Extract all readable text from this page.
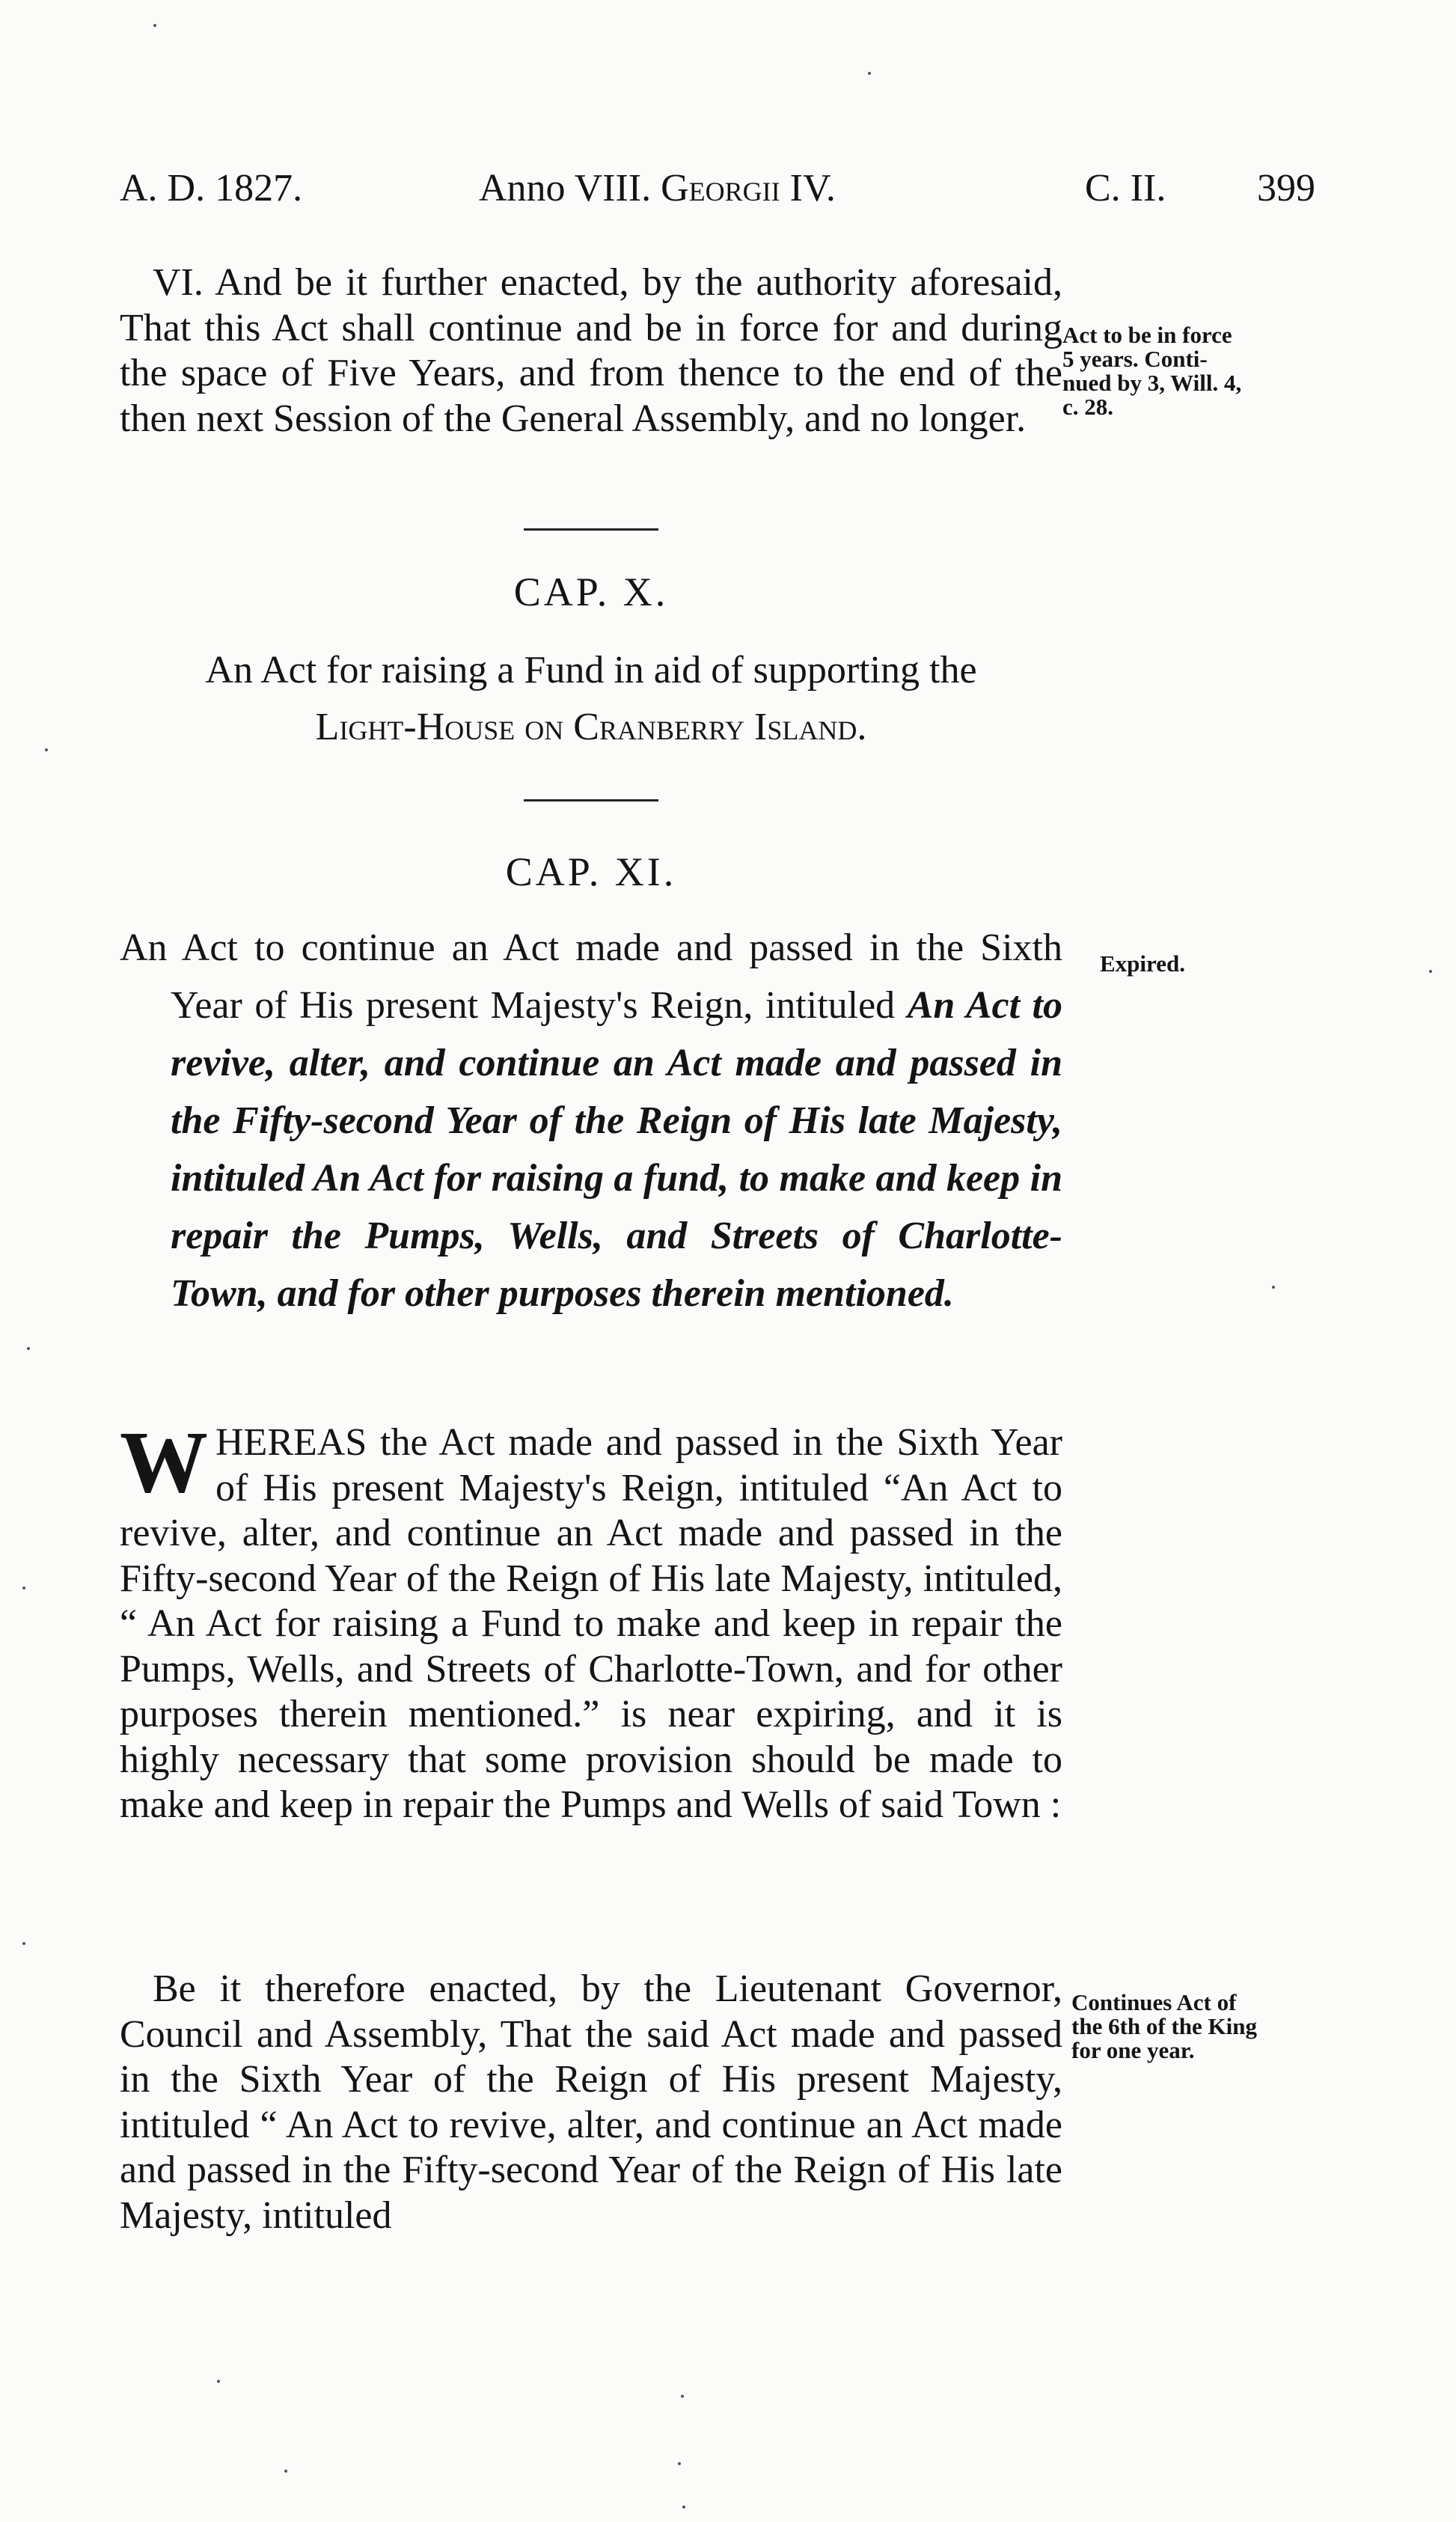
A. D. 1827.	Anno VIII. Georgii IV.	C. II. 399

VI. And be it further enacted, by the authority aforesaid, That this Act shall continue and be in force for and during the space of Five Years, and from thence to the end of the then next Session of the General Assembly, and no longer.

Act to be in force
5 years. Conti-
nued by 3, Will. 4,
c. 28.
CAP. X.
An Act for raising a Fund in aid of supporting the
Light-House on Cranberry Island.
CAP. XI.
Expired.

An Act to continue an Act made and passed in the Sixth Year of His present Majesty's Reign, intituled An Act to revive, alter, and continue an Act made and passed in the Fifty-second Year of the Reign of His late Majesty, intituled An Act for raising a fund, to make and keep in repair the Pumps, Wells, and Streets of Charlotte-Town, and for other purposes therein mentioned.

WHEREAS the Act made and passed in the Sixth Year of His present Majesty's Reign, intituled “An Act to revive, alter, and continue an Act made and passed in the Fifty-second Year of the Reign of His late Majesty, intituled, “ An Act for raising a Fund to make and keep in repair the Pumps, Wells, and Streets of Charlotte-Town, and for other purposes therein mentioned.” is near expiring, and it is highly necessary that some provision should be made to make and keep in repair the Pumps and Wells of said Town :

Be it therefore enacted, by the Lieutenant Governor, Council and Assembly, That the said Act made and passed in the Sixth Year of the Reign of His present Majesty, intituled “ An Act to revive, alter, and continue an Act made and passed in the Fifty-second Year of the Reign of His late Majesty, intituled

Continues Act of
the 6th of the King
for one year.
